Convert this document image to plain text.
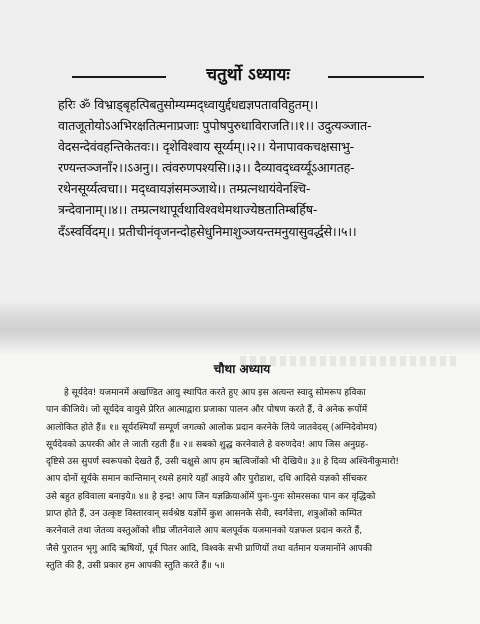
चतुर्थो ऽध्यायः
हरिः ॐ विभ्राड्बृहत्पिबतुसोम्यम्मद्ध्वायुर्द्दधद्यज्ञपतावविहुतम्।।
वातजूतोयोऽअभिरक्षतित्मनाप्रजाः पुपोषपुरुधाविराजति।।१।। उदुत्यञ्जात-
वेदसन्देवंवहन्तिकेतवः।। दृशेविश्वाय सूर्य्यम्।।२।। येनापावकचक्षसाभु-
रण्यन्तञ्जनाँ२।।ऽअनु।। त्वंवरुणपश्यसि।।३।। दैव्यावद्ध्वर्य्यूऽआगतह-
रथेनसूर्य्यत्वचा।। मद्ध्वायज्ञंसमञ्जाथे।। तम्प्रत्नथायंवेनश्चि-
त्रन्देवानाम्।।४।। तम्प्रत्नथापूर्वथाविश्वथेमथाज्येष्ठतातिम्बर्हिष-
दँऽस्वर्विदम्।। प्रतीचीनंवृजनन्दोहसेधुनिमाशुञ्जयन्तमनुयासुवर्द्धसे।।५।।
चौथा अध्याय
हे सूर्यदेव! यजमानमें अखण्डित आयु स्थापित करते हुए आप इस अत्यन्त स्वादु सोमरूप हविका
पान कीजिये। जो सूर्यदेव वायुसे प्रेरित आत्माद्वारा प्रजाका पालन और पोषण करते हैं, वे अनेक रूपोंमें
आलोकित होते हैं॥ १॥ सूर्यरश्मियाँ सम्पूर्ण जगत्को आलोक प्रदान करनेके लिये जातवेदस् (अग्निदेवोमय)
सूर्यदेवको ऊपरकी ओर ले जाती रहती हैं॥ २॥ सबको शुद्ध करनेवाले हे वरुणदेव! आप जिस अनुग्रह-
दृष्टिसे उस सुपर्ण स्वरूपको देखते हैं, उसी चक्षुसे आप हम ऋत्विजोंको भी देखिये॥ ३॥ हे दिव्य अश्विनीकुमारो!
आप दोनों सूर्यके समान कान्तिमान् रथसे हमारे यहाँ आइये और पुरोडाश, दधि आदिसे यज्ञको सींचकर
उसे बहुत हविवाला बनाइये॥ ४॥ हे इन्द्र! आप जिन यज्ञक्रियाओंमें पुनः-पुनः सोमरसका पान कर वृद्धिको
प्राप्त होते हैं, उन उत्कृष्ट विस्तारवान् सर्वश्रेष्ठ यज्ञोंमें कुश आसनके सेवी, स्वर्गवेत्ता, शत्रुओंको कम्पित
करनेवाले तथा जेतव्य वस्तुओंको शीघ्र जीतनेवाले आप बलपूर्वक यजमानको यज्ञफल प्रदान करते हैं,
जैसे पुरातन भृगु आदि ऋषियों, पूर्व पितर आदि, विश्वके सभी प्राणियों तथा वर्तमान यजमानोंने आपकी
स्तुति की है, उसी प्रकार हम आपकी स्तुति करते हैं॥ ५॥
